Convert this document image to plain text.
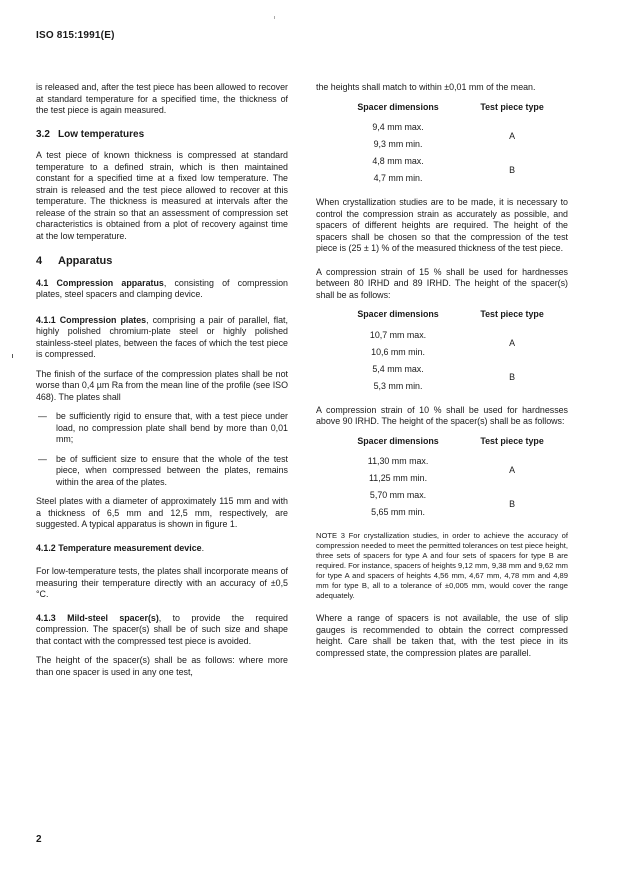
ISO 815:1991(E)

is released and, after the test piece has been allowed to recover at standard temperature for a specified time, the thickness of the test piece is again measured.

3.2 Low temperatures

A test piece of known thickness is compressed at standard temperature to a defined strain, which is then maintained constant for a specified time at a fixed low temperature. The strain is released and the test piece allowed to recover at this temperature. The thickness is measured at intervals after the release of the strain so that an assessment of compression set characteristics is obtained from a plot of recovery against time at the low temperature.

4 Apparatus

4.1 Compression apparatus, consisting of compression plates, steel spacers and clamping device.

4.1.1 Compression plates, comprising a pair of parallel, flat, highly polished chromium-plate steel or highly polished stainless-steel plates, between the faces of which the test piece is compressed.

The finish of the surface of the compression plates shall be not worse than 0,4 µm Ra from the mean line of the profile (see ISO 468). The plates shall

— be sufficiently rigid to ensure that, with a test piece under load, no compression plate shall bend by more than 0,01 mm;
— be of sufficient size to ensure that the whole of the test piece, when compressed between the plates, remains within the area of the plates.

Steel plates with a diameter of approximately 115 mm and with a thickness of 6,5 mm and 12,5 mm, respectively, are suggested. A typical apparatus is shown in figure 1.

4.1.2 Temperature measurement device.

For low-temperature tests, the plates shall incorporate means of measuring their temperature directly with an accuracy of ±0,5 °C.

4.1.3 Mild-steel spacer(s), to provide the required compression. The spacer(s) shall be of such size and shape that contact with the compressed test piece is avoided.

The height of the spacer(s) shall be as follows: where more than one spacer is used in any one test,

the heights shall match to within ±0,01 mm of the mean.

Spacer dimensions	Test piece type
9,4 mm max.	A
9,3 mm min.	
4,8 mm max.	B
4,7 mm min.	

When crystallization studies are to be made, it is necessary to control the compression strain as accurately as possible, and spacers of different heights are required. The height of the spacers shall be chosen so that the compression of the test piece is (25 ± 1) % of the measured thickness of the test piece.

A compression strain of 15 % shall be used for hardnesses between 80 IRHD and 89 IRHD. The height of the spacer(s) shall be as follows:

Spacer dimensions	Test piece type
10,7 mm max.	A
10,6 mm min.	
5,4 mm max.	B
5,3 mm min.	

A compression strain of 10 % shall be used for hardnesses above 90 IRHD. The height of the spacer(s) shall be as follows:

Spacer dimensions	Test piece type
11,30 mm max.	A
11,25 mm min.	
5,70 mm max.	B
5,65 mm min.	

NOTE 3 For crystallization studies, in order to achieve the accuracy of compression needed to meet the permitted tolerances on test piece height, three sets of spacers for type A and four sets of spacers for type B are required. For instance, spacers of heights 9,12 mm, 9,38 mm and 9,62 mm for type A and spacers of heights 4,56 mm, 4,67 mm, 4,78 mm and 4,89 mm for type B, all to a tolerance of ±0,005 mm, would cover the range adequately.

Where a range of spacers is not available, the use of slip gauges is recommended to obtain the correct compressed height. Care shall be taken that, with the test piece in its compressed state, the compression plates are parallel.

2
